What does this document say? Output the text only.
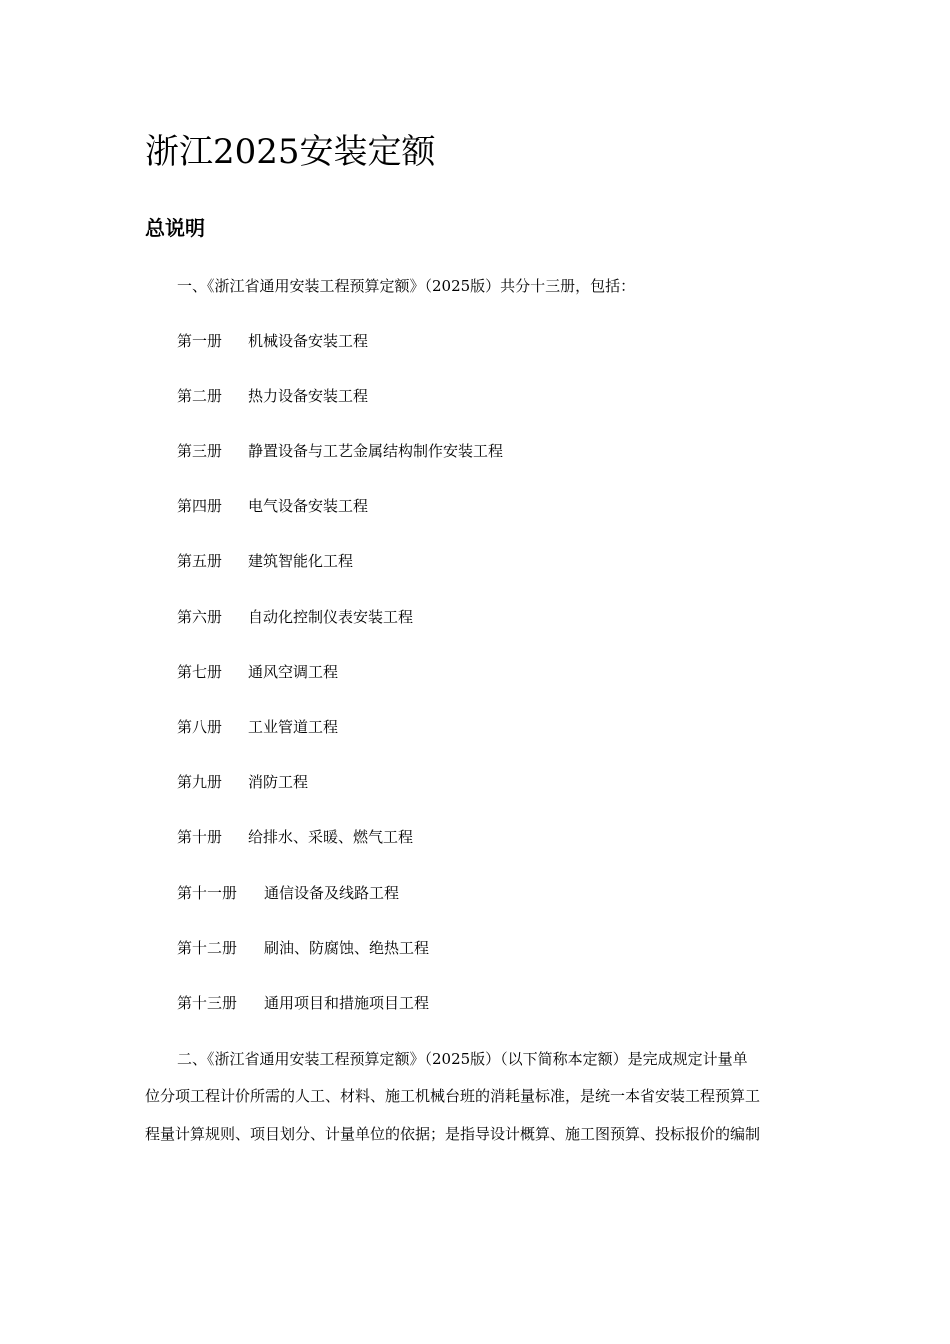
浙江2025安装定额
总说明
一、《浙江省通用安装工程预算定额》（2025版）共分十三册，包括：
第一册 机械设备安装工程
第二册 热力设备安装工程
第三册 静置设备与工艺金属结构制作安装工程
第四册 电气设备安装工程
第五册 建筑智能化工程
第六册 自动化控制仪表安装工程
第七册 通风空调工程
第八册 工业管道工程
第九册 消防工程
第十册 给排水、采暖、燃气工程
第十一册 通信设备及线路工程
第十二册 刷油、防腐蚀、绝热工程
第十三册 通用项目和措施项目工程
二、《浙江省通用安装工程预算定额》（2025版）（以下简称本定额）是完成规定计量单
位分项工程计价所需的人工、材料、施工机械台班的消耗量标准，是统一本省安装工程预算工
程量计算规则、项目划分、计量单位的依据；是指导设计概算、施工图预算、投标报价的编制
